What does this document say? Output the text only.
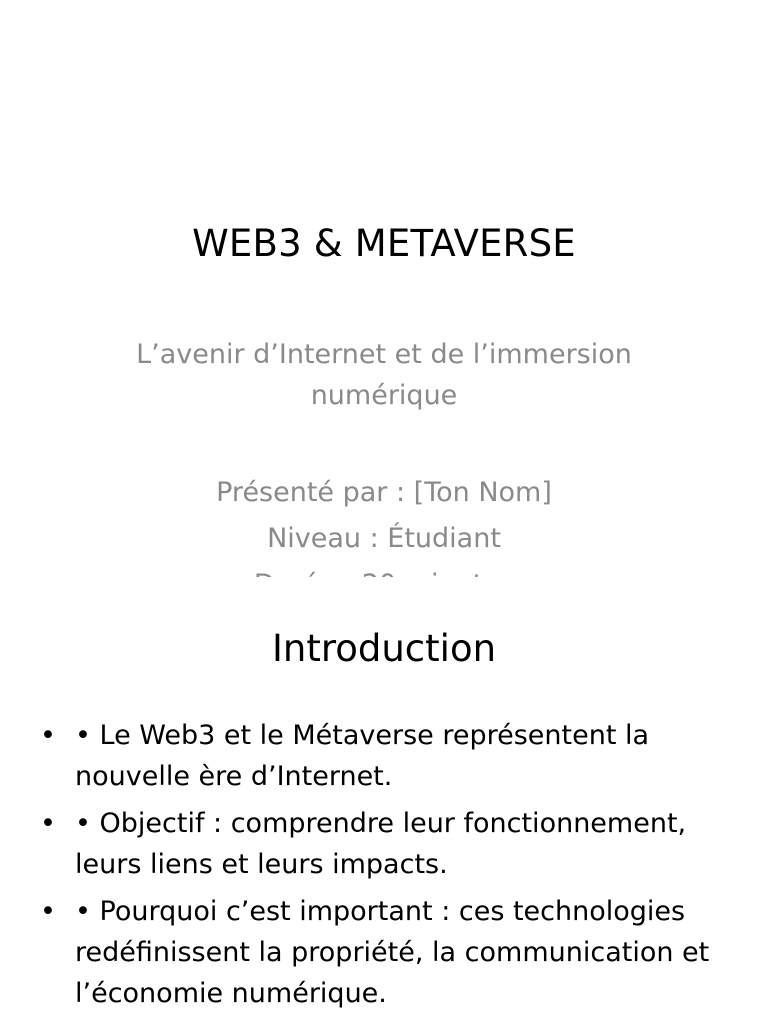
WEB3 & METAVERSE
L’avenir d’Internet et de l’immersion
numérique
Présenté par : [Ton Nom]
Niveau : Étudiant
Introduction
• • Le Web3 et le Métaverse représentent la nouvelle ère d’Internet.
• • Objectif : comprendre leur fonctionnement, leurs liens et leurs impacts.
• • Pourquoi c’est important : ces technologies redéfinissent la propriété, la communication et l’économie numérique.
